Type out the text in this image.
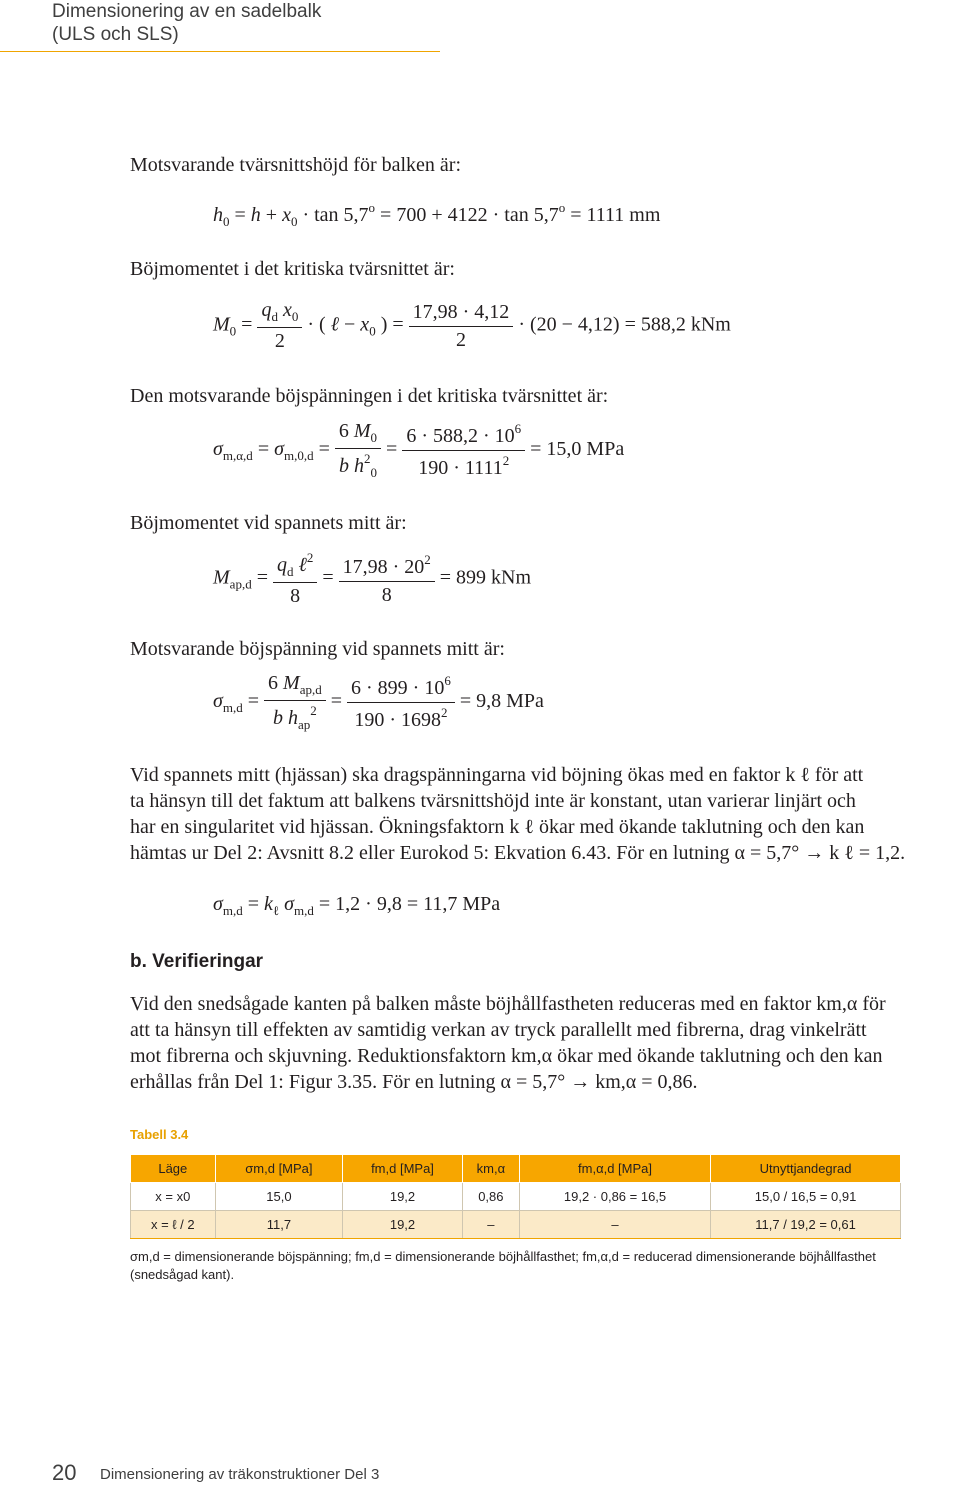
Dimensionering av en sadelbalk
(ULS och SLS)
Motsvarande tvärsnittshöjd för balken är:
$h_0 = h + x_0 \cdot \tan 5,7^o = 700 + 4122 \cdot \tan 5,7^o = 1111$ mm
Böjmomentet i det kritiska tvärsnittet är:
$M_0 = \frac{q_d x_0}{2}$ · ( ℓ − $x_0$ ) = $\frac{17,98 \cdot 4,12}{2} \cdot (20 - 4,12) = 588,2$ kNm
Den motsvarande böjspänningen i det kritiska tvärsnittet är:
$\sigma_{m,\alpha,d} = \sigma_{m,0,d} = \frac{6 M_0}{b h^2_0} = \frac{6 \cdot 588,2 \cdot 10^6}{190 \cdot 1111^2} = 15,0$ MPa
Böjmomentet vid spannets mitt är:
$M_{ap,d} = \frac{q_d \ell^2}{8} = \frac{17,98 \cdot 20^2}{8} = 899$ kNm
Motsvarande böjspänning vid spannets mitt är:
$\sigma_{m,d} = \frac{6 M_{ap,d}}{b h_{ap}^2} = \frac{6 \cdot 899 \cdot 10^6}{190 \cdot 1698^2} = 9,8$ MPa
Vid spannets mitt (hjässan) ska dragspänningarna vid böjning ökas med en faktor k ℓ för att
ta hänsyn till det faktum att balkens tvärsnittshöjd inte är konstant, utan varierar linjärt och
har en singularitet vid hjässan. Ökningsfaktorn k ℓ ökar med ökande taklutning och den kan
hämtas ur Del 2: Avsnitt 8.2 eller Eurokod 5: Ekvation 6.43. För en lutning α = 5,7° → k ℓ = 1,2.
$\sigma_{m,d} = k_\ell$ $\sigma_{m,d} = 1,2 \cdot 9,8 = 11,7$ MPa
b. Verifieringar
Vid den snedsågade kanten på balken måste böjhållfastheten reduceras med en faktor km,α för
att ta hänsyn till effekten av samtidig verkan av tryck parallellt med fibrerna, drag vinkelrätt
mot fibrerna och skjuvning. Reduktionsfaktorn km,α ökar med ökande taklutning och den kan
erhållas från Del 1: Figur 3.35. För en lutning α = 5,7° → km,α = 0,86.
Tabell 3.4
Läge	σm,d [MPa]	fm,d [MPa]	km,α	fm,α,d [MPa]	Utnyttjandegrad
x = x0	15,0	19,2	0,86	19,2 · 0,86 = 16,5	15,0 / 16,5 = 0,91
x = ℓ / 2	11,7	19,2	–	–	11,7 / 19,2 = 0,61
σm,d = dimensionerande böjspänning; fm,d = dimensionerande böjhållfasthet; fm,α,d = reducerad dimensionerande böjhållfasthet
(snedsågad kant).
20 Dimensionering av träkonstruktioner Del 3
